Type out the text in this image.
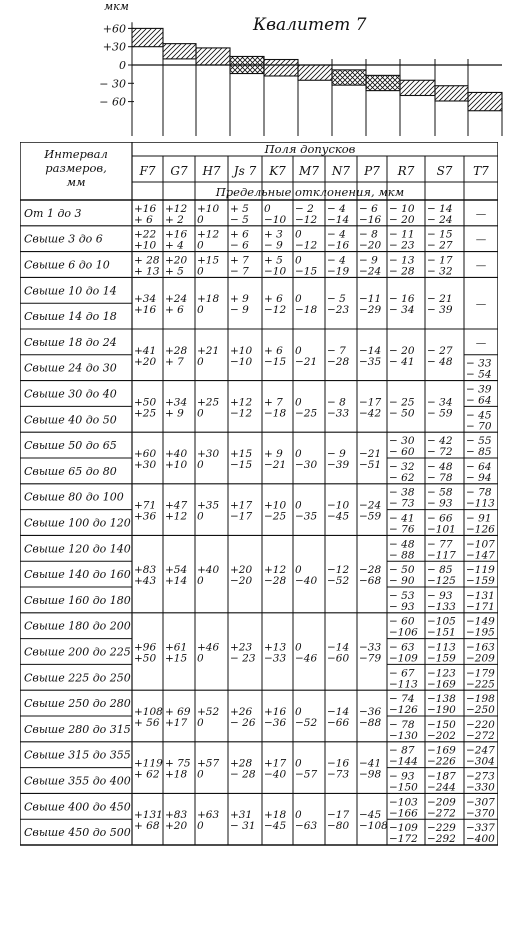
мкм
Квалитет 7
+60
+30
0
− 30
− 60
Интервал
размеров,
мм
Поля допусков
Предельные отклонения, мкм
F7 G7 H7 Js 7 K7 M7 N7 P7 R7 S7 T7
От 1 до 3	+16
+ 6
+12
+ 2
+10
0
+ 5
− 5
0
−10
− 2
−12
− 4
−14
− 6
−16
− 10
− 20
− 14
− 24 —
Свыше 3 до 6	+22
+10
+16
+ 4
+12
0
+ 6
− 6
+ 3
− 9
0
−12
− 4
−16
− 8
−20
− 11
− 23
− 15
− 27 —
Свыше 6 до 10 + 28
+ 13
+20
+ 5
+15
0
+ 7
− 7
+ 5
−10
0
−15
− 4
−19
− 9
−24
− 13
− 28
− 17
− 32 —
Свыше 10 до 14
Свыше 14 до 18
+34
+16
+24
+ 6
+18
0
+ 9
− 9
+ 6
−12
0
−18
− 5
−23
−11
−29
− 16
− 34
− 21
− 39 —
Свыше 18 до 24
Свыше 24 до 30
+41
+20
+28
+ 7
+21
0
+10
−10
+ 6
−15
0
−21
− 7
−28
−14
−35
− 20
− 41
− 27
− 48
—
− 33
− 54
Свыше 30 до 40
Свыше 40 до 50
+50
+25
+34
+ 9
+25
0
+12
−12
+ 7
−18
0
−25
− 8
−33
−17
−42
− 25
− 50
− 34
− 59
− 39
− 64
− 45
− 70
Свыше 50 до 65
Свыше 65 до 80
+60
+30
+40
+10
+30
0
+15
−15
+ 9
−21
0
−30
− 9
−39
−21
−51
− 30
− 60
− 32
− 62
− 42
− 72
− 48
− 78
− 55
− 85
− 64
− 94
Свыше 80 до 100
Свыше 100 до 120
+71
+36
+47
+12
+35
0
+17
−17
+10
−25
0
−35
−10
−45
−24
−59
− 38
− 73
− 41
− 76
− 58
− 93
− 66
−101
− 78
−113
− 91
−126
Свыше 120 до 140
Свыше 140 до 160
Свыше 160 до 180
+83
+43
+54
+14
+40
0
+20
−20
+12
−28
0
−40
−12
−52
−28
−68
− 48
− 88
− 50
− 90
− 53
− 93
− 77
−117
− 85
−125
− 93
−133
−107
−147
−119
−159
−131
−171
Свыше 180 до 200
Свыше 200 до 225
Свыше 225 до 250
+96
+50
+61
+15
+46
0
+23
− 23
+13
−33
0
−46
−14
−60
−33
−79
− 60
−106
− 63
−109
− 67
−113
−105
−151
−113
−159
−123
−169
−149
−195
−163
−209
−179
−225
Свыше 250 до 280
Свыше 280 до 315
+108
+ 56
+ 69
+17
+52
0
+26
− 26
+16
−36
0
−52
−14
−66
−36
−88
− 74
−126
− 78
−130
−138
−190
−150
−202
−198
−250
−220
−272
Свыше 315 до 355
Свыше 355 до 400
+119
+ 62
+ 75
+18
+57
0
+28
− 28
+17
−40
0
−57
−16
−73
−41
−98
− 87
−144
− 93
−150
−169
−226
−187
−244
−247
−304
−273
−330
Свыше 400 до 450
Свыше 450 до 500
+131
+ 68
+83
+20
+63
0
+31
− 31
+18
−45
0
−63
−17
−80
−45
−108
−103
−166
−109
−172
−209
−272
−229
−292
−307
−370
−337
−400
